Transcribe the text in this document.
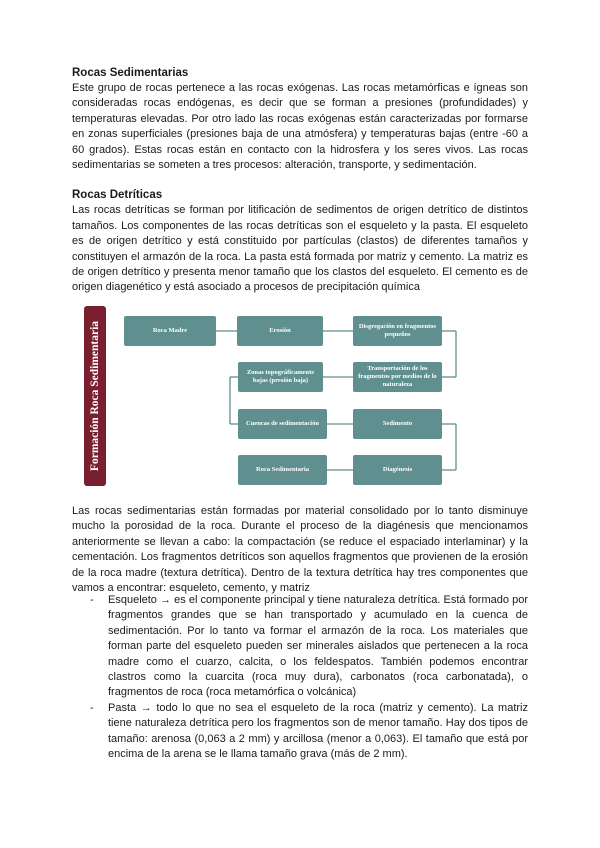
Rocas Sedimentarias

Este grupo de rocas pertenece a las rocas exógenas. Las rocas metamórficas e ígneas son consideradas rocas endógenas, es decir que se forman a presiones (profundidades) y temperaturas elevadas. Por otro lado las rocas exógenas están caracterizadas por formarse en zonas superficiales (presiones baja de una atmósfera) y temperaturas bajas (entre -60 a 60 grados). Estas rocas están en contacto con la hidrosfera y los seres vivos. Las rocas sedimentarias se someten a tres procesos: alteración, transporte, y sedimentación.

Rocas Detríticas

Las rocas detríticas se forman por litificación de sedimentos de origen detrítico de distintos tamaños. Los componentes de las rocas detríticas son el esqueleto y la pasta. El esqueleto es de origen detrítico y está constituido por partículas (clastos) de diferentes tamaños y constituyen el armazón de la roca. La pasta está formada por matriz y cemento. La matriz es de origen detrítico y presenta menor tamaño que los clastos del esqueleto. El cemento es de origen diagenético y está asociado a procesos de precipitación química

Formación Roca Sedimentaria	Roca Madre	Erosión
Disgregación en fragmentos pequeños
Zonas topográficamente bajas (presión baja)
Transportación de los fragmentos por medios de lo naturaleza
Cuencas de sedimentación	Sedimento
Roca Sedimentaria	Diagénesis

Las rocas sedimentarias están formadas por material consolidado por lo tanto disminuye mucho la porosidad de la roca. Durante el proceso de la diagénesis que mencionamos anteriormente se llevan a cabo: la compactación (se reduce el espaciado interlaminar) y la cementación. Los fragmentos detríticos son aquellos fragmentos que provienen de la erosión de la roca madre (textura detrítica). Dentro de la textura detrítica hay tres componentes que vamos a encontrar: esqueleto, cemento, y matriz

- Esqueleto → es el componente principal y tiene naturaleza detrítica. Está formado por fragmentos grandes que se han transportado y acumulado en la cuenca de sedimentación. Por lo tanto va formar el armazón de la roca. Los materiales que forman parte del esqueleto pueden ser minerales aislados que pertenecen a la roca madre como el cuarzo, calcita, o los feldespatos. También podemos encontrar clastros como la cuarcita (roca muy dura), carbonatos (roca carbonatada), o fragmentos de roca (roca metamórfica o volcánica)
- Pasta → todo lo que no sea el esqueleto de la roca (matriz y cemento). La matriz tiene naturaleza detrítica pero los fragmentos son de menor tamaño. Hay dos tipos de tamaño: arenosa (0,063 a 2 mm) y arcillosa (menor a 0,063). El tamaño que está por encima de la arena se le llama tamaño grava (más de 2 mm).
